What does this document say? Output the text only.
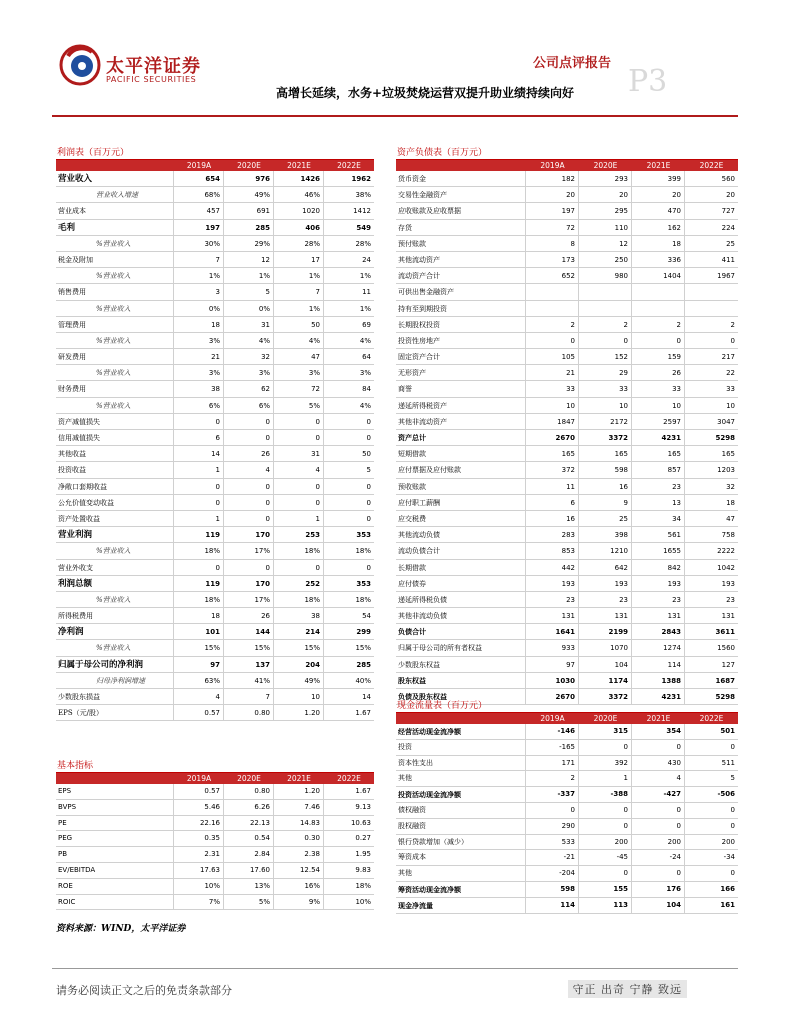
太平洋证券
PACIFIC SECURITIES
公司点评报告
P3
高增长延续，水务+垃圾焚烧运营双提升助业绩持续向好
利润表（百万元）
2019A	2020E	2021E	2022E
营业收入	654	976	1426	1962
营业收入增速	68%	49%	46%	38%
营业成本	457	691	1020	1412
毛利	197	285	406	549
%营业收入	30%	29%	28%	28%
税金及附加	7	12	17	24
%营业收入	1%	1%	1%	1%
销售费用	3	5	7	11
%营业收入	0%	0%	1%	1%
管理费用	18	31	50	69
%营业收入	3%	4%	4%	4%
研发费用	21	32	47	64
%营业收入	3%	3%	3%	3%
财务费用	38	62	72	84
%营业收入	6%	6%	5%	4%
资产减值损失	0	0	0	0
信用减值损失	6	0	0	0
其他收益	14	26	31	50
投资收益	1	4	4	5
净敞口套期收益	0	0	0	0
公允价值变动收益	0	0	0	0
资产处置收益	1	0	1	0
营业利润	119	170	253	353
%营业收入	18%	17%	18%	18%
营业外收支	0	0	0	0
利润总额	119	170	252	353
%营业收入	18%	17%	18%	18%
所得税费用	18	26	38	54
净利润	101	144	214	299
%营业收入	15%	15%	15%	15%
归属于母公司的净利润	97	137	204	285
归母净利润增速	63%	41%	49%	40%
少数股东损益	4	7	10	14
EPS（元/股）	0.57	0.80	1.20	1.67
资产负债表（百万元）
2019A	2020E	2021E	2022E
货币资金	182	293	399	560
交易性金融资产	20	20	20	20
应收账款及应收票据	197	295	470	727
存货	72	110	162	224
预付账款	8	12	18	25
其他流动资产	173	250	336	411
流动资产合计	652	980	1404	1967
可供出售金融资产
持有至到期投资
长期股权投资	2	2	2	2
投资性房地产	0	0	0	0
固定资产合计	105	152	159	217
无形资产	21	29	26	22
商誉	33	33	33	33
递延所得税资产	10	10	10	10
其他非流动资产	1847	2172	2597	3047
资产总计	2670	3372	4231	5298
短期借款	165	165	165	165
应付票据及应付账款	372	598	857	1203
预收账款	11	16	23	32
应付职工薪酬	6	9	13	18
应交税费	16	25	34	47
其他流动负债	283	398	561	758
流动负债合计	853	1210	1655	2222
长期借款	442	642	842	1042
应付债券	193	193	193	193
递延所得税负债	23	23	23	23
其他非流动负债	131	131	131	131
负债合计	1641	2199	2843	3611
归属于母公司的所有者权益	933	1070	1274	1560
少数股东权益	97	104	114	127
股东权益	1030	1174	1388	1687
负债及股东权益	2670	3372	4231	5298
现金流量表（百万元）
2019A	2020E	2021E	2022E
经营活动现金流净额	-146	315	354	501
投资	-165	0	0	0
资本性支出	171	392	430	511
其他	2	1	4	5
投资活动现金流净额	-337	-388	-427	-506
债权融资	0	0	0	0
股权融资	290	0	0	0
银行贷款增加（减少）	533	200	200	200
筹资成本	-21	-45	-24	-34
其他	-204	0	0	0
筹资活动现金流净额	598	155	176	166
现金净流量	114	113	104	161
基本指标
2019A	2020E	2021E	2022E
EPS	0.57	0.80	1.20	1.67
BVPS	5.46	6.26	7.46	9.13
PE	22.16	22.13	14.83	10.63
PEG	0.35	0.54	0.30	0.27
PB	2.31	2.84	2.38	1.95
EV/EBITDA	17.63	17.60	12.54	9.83
ROE	10%	13%	16%	18%
ROIC	7%	5%	9%	10%
资料来源：WIND，太平洋证券
请务必阅读正文之后的免责条款部分	守正 出奇 宁静 致远
